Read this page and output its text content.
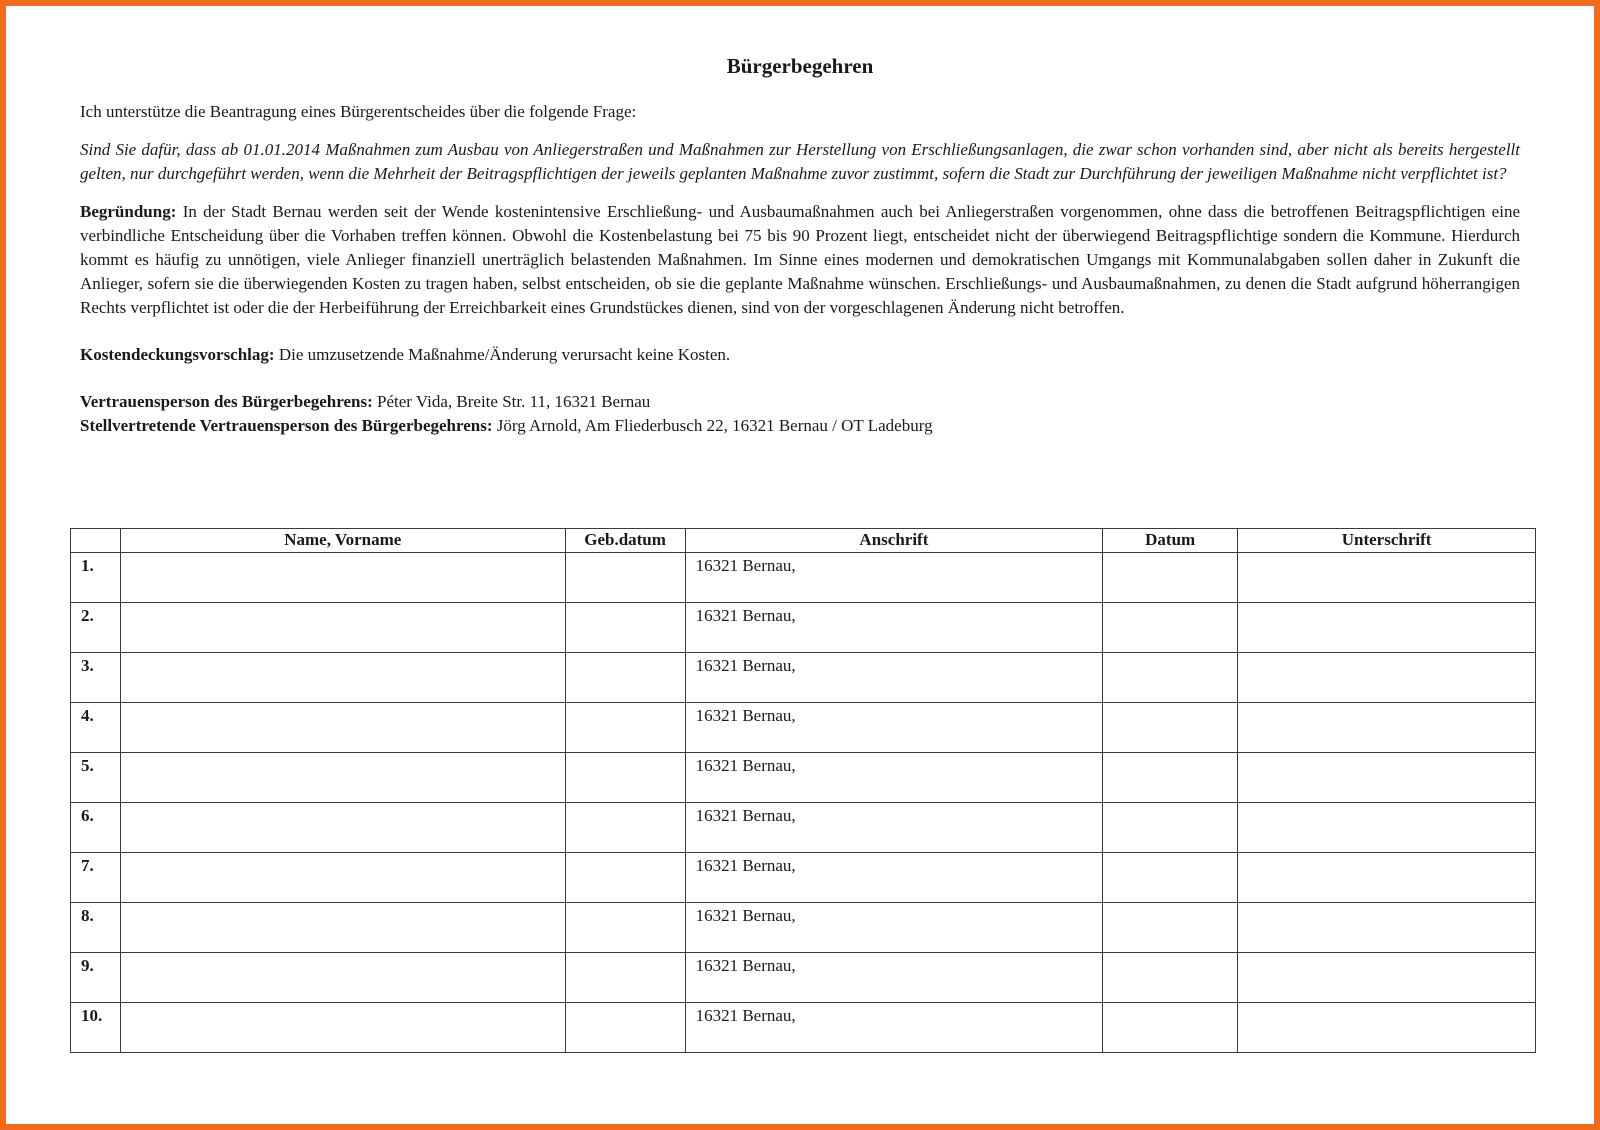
Bürgerbegehren
Ich unterstütze die Beantragung eines Bürgerentscheides über die folgende Frage:
Sind Sie dafür, dass ab 01.01.2014 Maßnahmen zum Ausbau von Anliegerstraßen und Maßnahmen zur Herstellung von Erschließungsanlagen, die zwar schon vorhanden sind, aber nicht als bereits hergestellt gelten, nur durchgeführt werden, wenn die Mehrheit der Beitragspflichtigen der jeweils geplanten Maßnahme zuvor zustimmt, sofern die Stadt zur Durchführung der jeweiligen Maßnahme nicht verpflichtet ist?
Begründung: In der Stadt Bernau werden seit der Wende kostenintensive Erschließung- und Ausbaumaßnahmen auch bei Anliegerstraßen vorgenommen, ohne dass die betroffenen Beitragspflichtigen eine verbindliche Entscheidung über die Vorhaben treffen können. Obwohl die Kostenbelastung bei 75 bis 90 Prozent liegt, entscheidet nicht der überwiegend Beitragspflichtige sondern die Kommune. Hierdurch kommt es häufig zu unnötigen, viele Anlieger finanziell unerträglich belastenden Maßnahmen. Im Sinne eines modernen und demokratischen Umgangs mit Kommunalabgaben sollen daher in Zukunft die Anlieger, sofern sie die überwiegenden Kosten zu tragen haben, selbst entscheiden, ob sie die geplante Maßnahme wünschen. Erschließungs- und Ausbaumaßnahmen, zu denen die Stadt aufgrund höherrangigen Rechts verpflichtet ist oder die der Herbeiführung der Erreichbarkeit eines Grundstückes dienen, sind von der vorgeschlagenen Änderung nicht betroffen.
Kostendeckungsvorschlag: Die umzusetzende Maßnahme/Änderung verursacht keine Kosten.
Vertrauensperson des Bürgerbegehrens: Péter Vida, Breite Str. 11, 16321 Bernau
Stellvertretende Vertrauensperson des Bürgerbegehrens: Jörg Arnold, Am Fliederbusch 22, 16321 Bernau / OT Ladeburg
	Name, Vorname	Geb.datum	Anschrift	Datum	Unterschrift
1.			16321 Bernau,		
2.			16321 Bernau,		
3.			16321 Bernau,		
4.			16321 Bernau,		
5.			16321 Bernau,		
6.			16321 Bernau,		
7.			16321 Bernau,		
8.			16321 Bernau,		
9.			16321 Bernau,		
10.			16321 Bernau,		
